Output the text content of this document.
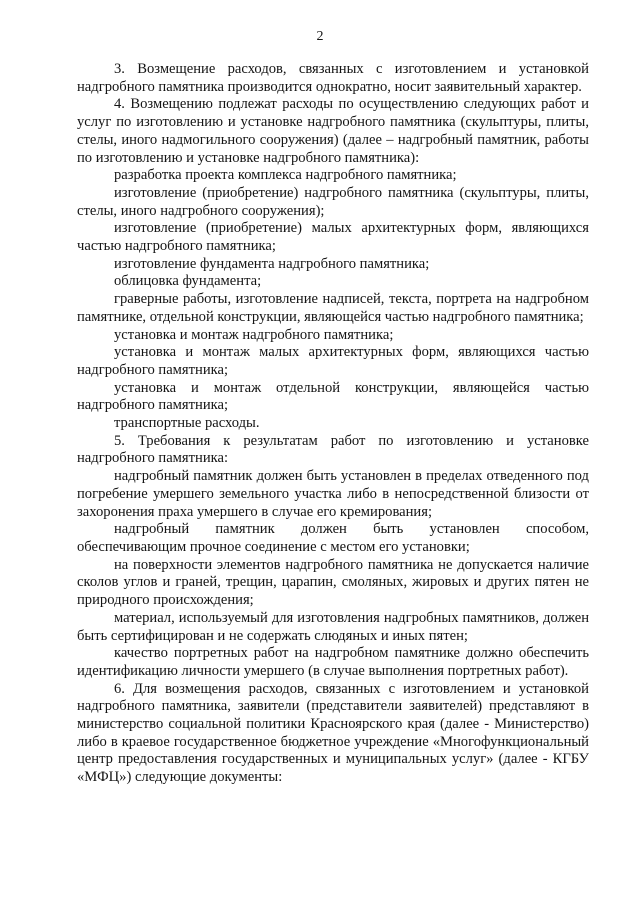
2

3. Возмещение расходов, связанных с изготовлением и установкой надгробного памятника производится однократно, носит заявительный характер.

4. Возмещению подлежат расходы по осуществлению следующих работ и услуг по изготовлению и установке надгробного памятника (скульптуры, плиты, стелы, иного надмогильного сооружения) (далее – надгробный памятник, работы по изготовлению и установке надгробного памятника):

разработка проекта комплекса надгробного памятника;

изготовление (приобретение) надгробного памятника (скульптуры, плиты, стелы, иного надгробного сооружения);

изготовление (приобретение) малых архитектурных форм, являющихся частью надгробного памятника;

изготовление фундамента надгробного памятника;

облицовка фундамента;

граверные работы, изготовление надписей, текста, портрета на надгробном памятнике, отдельной конструкции, являющейся частью надгробного памятника;

установка и монтаж надгробного памятника;

установка и монтаж малых архитектурных форм, являющихся частью надгробного памятника;

установка и монтаж отдельной конструкции, являющейся частью надгробного памятника;

транспортные расходы.

5. Требования к результатам работ по изготовлению и установке надгробного памятника:

надгробный памятник должен быть установлен в пределах отведенного под погребение умершего земельного участка либо в непосредственной близости от захоронения праха умершего в случае его кремирования;

надгробный памятник должен быть установлен способом, обеспечивающим прочное соединение с местом его установки;

на поверхности элементов надгробного памятника не допускается наличие сколов углов и граней, трещин, царапин, смоляных, жировых и других пятен не природного происхождения;

материал, используемый для изготовления надгробных памятников, должен быть сертифицирован и не содержать слюдяных и иных пятен;

качество портретных работ на надгробном памятнике должно обеспечить идентификацию личности умершего (в случае выполнения портретных работ).

6. Для возмещения расходов, связанных с изготовлением и установкой надгробного памятника, заявители (представители заявителей) представляют в министерство социальной политики Красноярского края (далее - Министерство) либо в краевое государственное бюджетное учреждение «Многофункциональный центр предоставления государственных и муниципальных услуг» (далее - КГБУ «МФЦ») следующие документы:
